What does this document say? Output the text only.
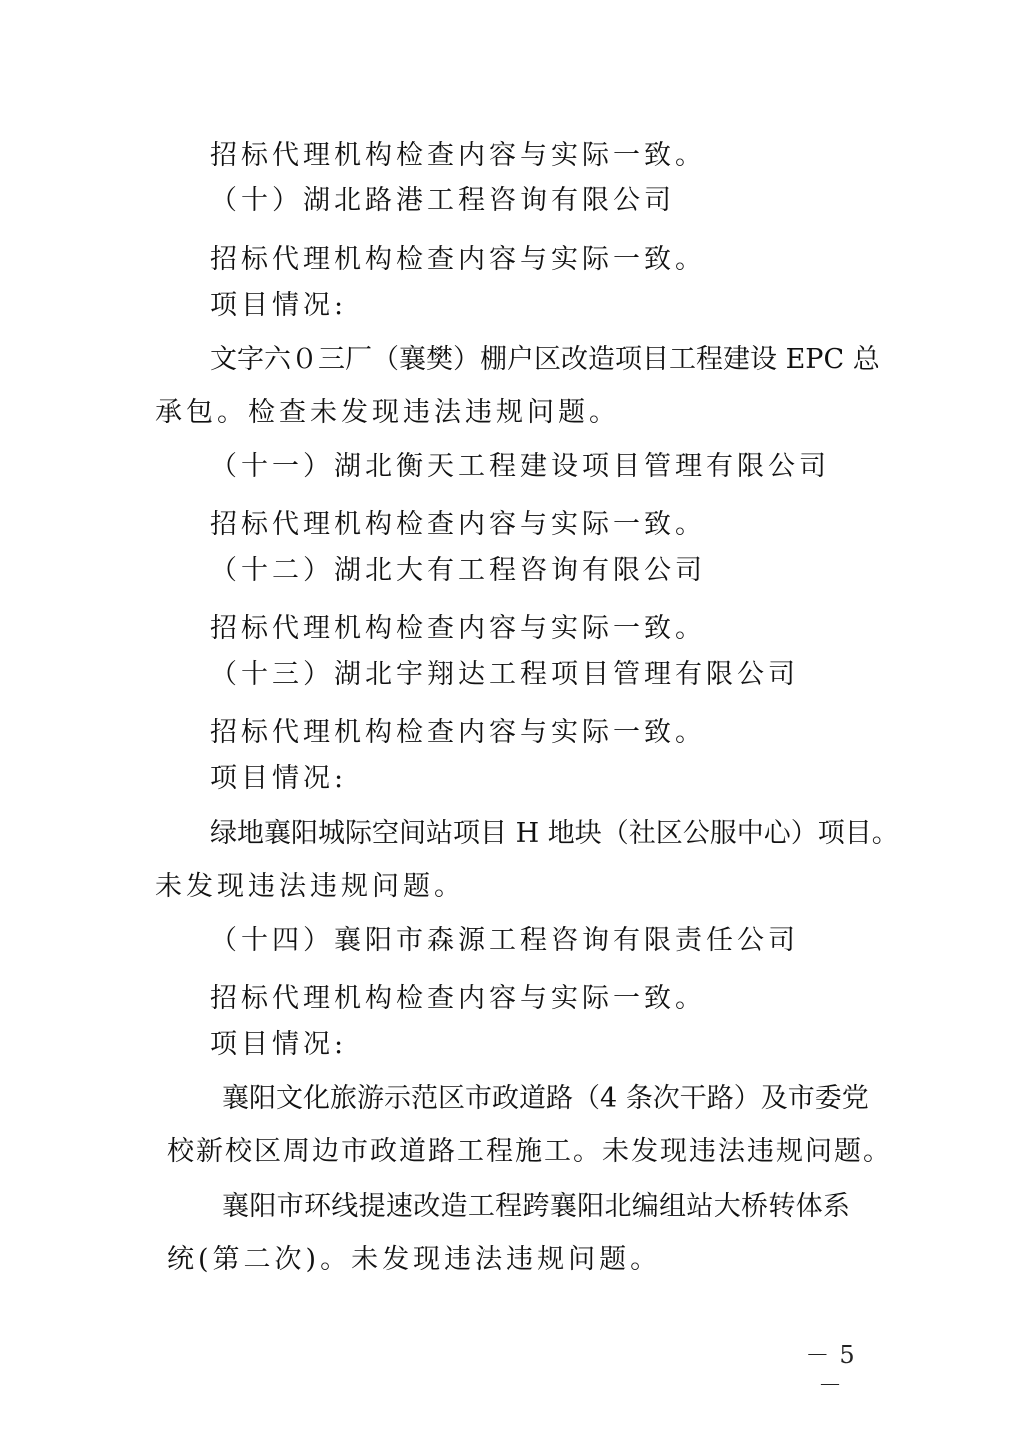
招标代理机构检查内容与实际一致。
（十）湖北路港工程咨询有限公司
招标代理机构检查内容与实际一致。
项目情况:
文字六０三厂（襄樊）棚户区改造项目工程建设 EPC 总
承包。检查未发现违法违规问题。
（十一）湖北衡天工程建设项目管理有限公司
招标代理机构检查内容与实际一致。
（十二）湖北大有工程咨询有限公司
招标代理机构检查内容与实际一致。
（十三）湖北宇翔达工程项目管理有限公司
招标代理机构检查内容与实际一致。
项目情况:
绿地襄阳城际空间站项目 H 地块（社区公服中心）项目。
未发现违法违规问题。
（十四）襄阳市森源工程咨询有限责任公司
招标代理机构检查内容与实际一致。
项目情况:
襄阳文化旅游示范区市政道路（4 条次干路）及市委党
校新校区周边市政道路工程施工。未发现违法违规问题。
襄阳市环线提速改造工程跨襄阳北编组站大桥转体系
统(第二次)。未发现违法违规问题。
－5－
